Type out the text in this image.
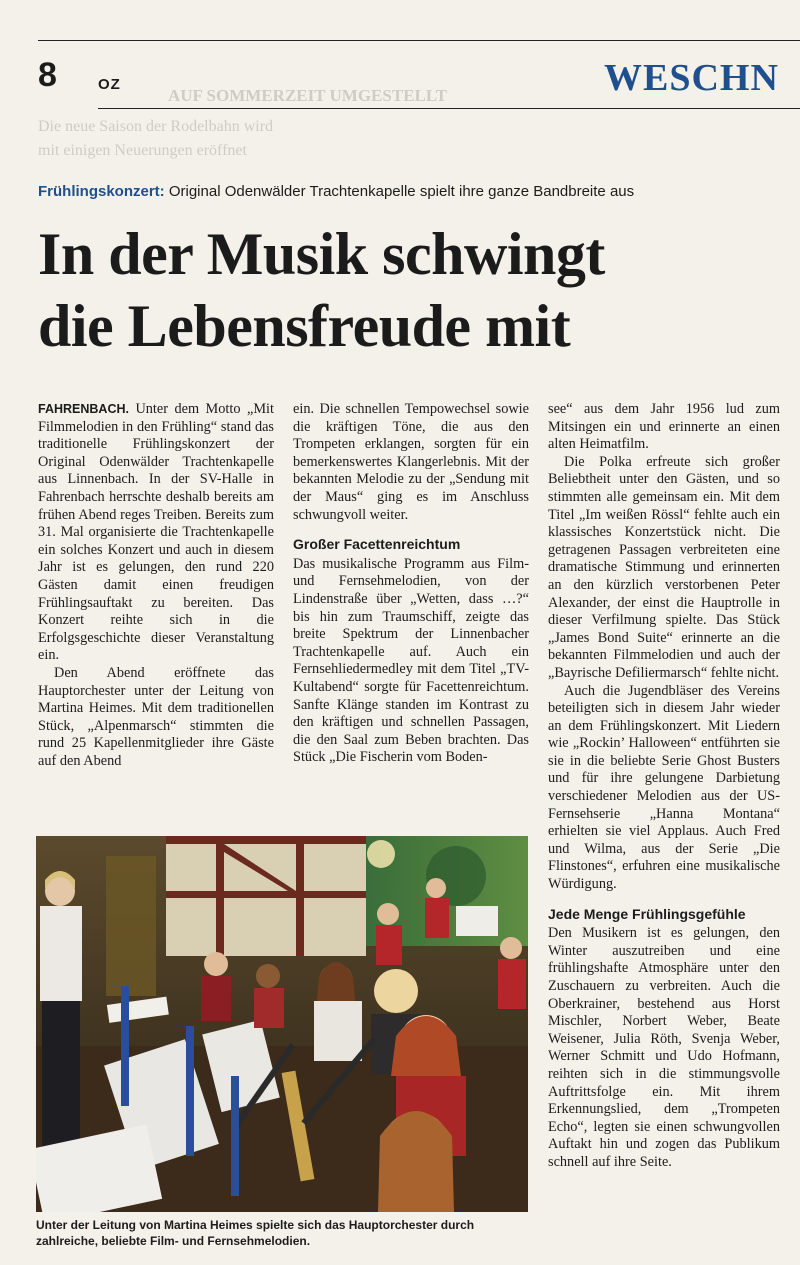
AUF SOMMERZEIT UMGESTELLT
Die neue Saison der Rodelbahn wird
mit einigen Neuerungen eröffnet
8	OZ	WESCHN
Frühlingskonzert: Original Odenwälder Trachtenkapelle spielt ihre ganze Bandbreite aus
In der Musik schwingt
die Lebensfreude mit

FAHRENBACH. Unter dem Motto „Mit Filmmelodien in den Frühling“ stand das traditionelle Frühlingskonzert der Original Odenwälder Trachtenkapelle aus Linnenbach. In der SV-Halle in Fahrenbach herrschte deshalb bereits am frühen Abend reges Treiben. Bereits zum 31. Mal organisierte die Trachtenkapelle ein solches Konzert und auch in diesem Jahr ist es gelungen, den rund 220 Gästen damit einen freudigen Frühlingsauftakt zu bereiten. Das Konzert reihte sich in die Erfolgsgeschichte dieser Veranstaltung ein.

Den Abend eröffnete das Hauptorchester unter der Leitung von Martina Heimes. Mit dem traditionellen Stück, „Alpenmarsch“ stimmten die rund 25 Kapellenmitglieder ihre Gäste auf den Abend

ein. Die schnellen Tempowechsel sowie die kräftigen Töne, die aus den Trompeten erklangen, sorgten für ein bemerkenswertes Klangerlebnis. Mit der bekannten Melodie zu der „Sendung mit der Maus“ ging es im Anschluss schwungvoll weiter.

Großer Facettenreichtum

Das musikalische Programm aus Film- und Fernsehmelodien, von der Lindenstraße über „Wetten, dass …?“ bis hin zum Traumschiff, zeigte das breite Spektrum der Linnenbacher Trachtenkapelle auf. Auch ein Fernsehliedermedley mit dem Titel „TV-Kultabend“ sorgte für Facettenreichtum. Sanfte Klänge standen im Kontrast zu den kräftigen und schnellen Passagen, die den Saal zum Beben brachten. Das Stück „Die Fischerin vom Boden-

see“ aus dem Jahr 1956 lud zum Mitsingen ein und erinnerte an einen alten Heimatfilm.

Die Polka erfreute sich großer Beliebtheit unter den Gästen, und so stimmten alle gemeinsam ein. Mit dem Titel „Im weißen Rössl“ fehlte auch ein klassisches Konzertstück nicht. Die getragenen Passagen verbreiteten eine dramatische Stimmung und erinnerten an den kürzlich verstorbenen Peter Alexander, der einst die Hauptrolle in dieser Verfilmung spielte. Das Stück „James Bond Suite“ erinnerte an die bekannten Filmmelodien und auch der „Bayrische Defiliermarsch“ fehlte nicht.

Auch die Jugendbläser des Vereins beteiligten sich in diesem Jahr wieder an dem Frühlingskonzert. Mit Liedern wie „Rockin’ Halloween“ entführten sie sie in die beliebte Serie Ghost Busters und für ihre gelungene Darbietung verschiedener Melodien aus der US-Fernsehserie „Hanna Montana“ erhielten sie viel Applaus. Auch Fred und Wilma, aus der Serie „Die Flinstones“, erfuhren eine musikalische Würdigung.

Jede Menge Frühlingsgefühle

Den Musikern ist es gelungen, den Winter auszutreiben und eine frühlingshafte Atmosphäre unter den Zuschauern zu verbreiten. Auch die Oberkrainer, bestehend aus Horst Mischler, Norbert Weber, Beate Weisener, Julia Röth, Svenja Weber, Werner Schmitt und Udo Hofmann, reihten sich in die stimmungsvolle Auftrittsfolge ein. Mit ihrem Erkennungslied, dem „Trompeten Echo“, legten sie einen schwungvollen Auftakt hin und zogen das Publikum schnell auf ihre Seite.

Unter der Leitung von Martina Heimes spielte sich das Hauptorchester durch zahlreiche, beliebte Film- und Fernsehmelodien.
